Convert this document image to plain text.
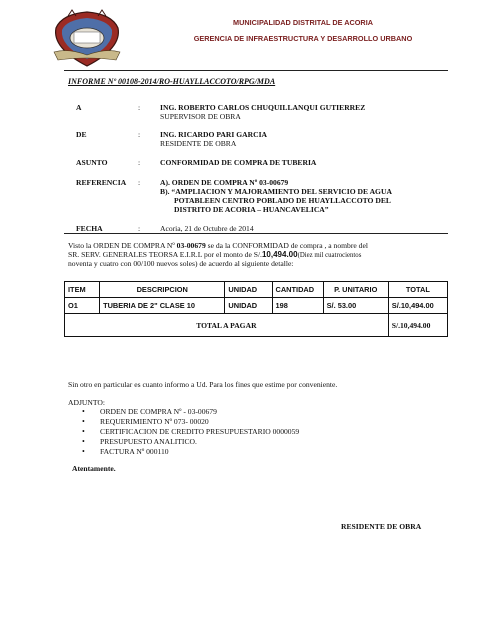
MUNICIPALIDAD DISTRITAL DE ACORIA
GERENCIA DE INFRAESTRUCTURA Y DESARROLLO URBANO
INFORME Nº 00108-2014/RO-HUAYLLACCOTO/RPG/MDA
A	:	ING. ROBERTO CARLOS CHUQUILLANQUI GUTIERREZ
SUPERVISOR DE OBRA
DE	:	ING. RICARDO PARI GARCIA
RESIDENTE DE OBRA
ASUNTO	:	CONFORMIDAD DE COMPRA DE TUBERIA
REFERENCIA :	A). ORDEN DE COMPRA Nº 03-00679
B). “AMPLIACION Y MAJORAMIENTO DEL SERVICIO DE AGUA
POTABLEEN CENTRO POBLADO DE HUAYLLACCOTO DEL
DISTRITO DE ACORIA – HUANCAVELICA”
FECHA	:	Acoria, 21 de Octubre de 2014
Visto la ORDEN DE COMPRA Nº 03-00679 se da la CONFORMIDAD de compra , a nombre del
SR. SERV. GENERALES TEORSA E.I.R.L por el monto de S/.10,494.00(Diez mil cuatrocientos
noventa y cuatro con 00/100 nuevos soles) de acuerdo al siguiente detalle:
ITEM	DESCRIPCION	UNIDAD	CANTIDAD	P. UNITARIO	TOTAL
O1	TUBERIA DE 2" CLASE 10	UNIDAD	198	S/. 53.00	S/.10,494.00
TOTAL A PAGAR					S/.10,494.00
Sin otro en particular es cuanto informo a Ud. Para los fines que estime por conveniente.
ADJUNTO:
• ORDEN DE COMPRA Nº - 03-00679
• REQUERIMIENTO Nº 073- 00020
• CERTIFICACION DE CREDITO PRESUPUESTARIO 0000059
• PRESUPUESTO ANALITICO.
• FACTURA Nº 000110
Atentamente.
RESIDENTE DE OBRA
